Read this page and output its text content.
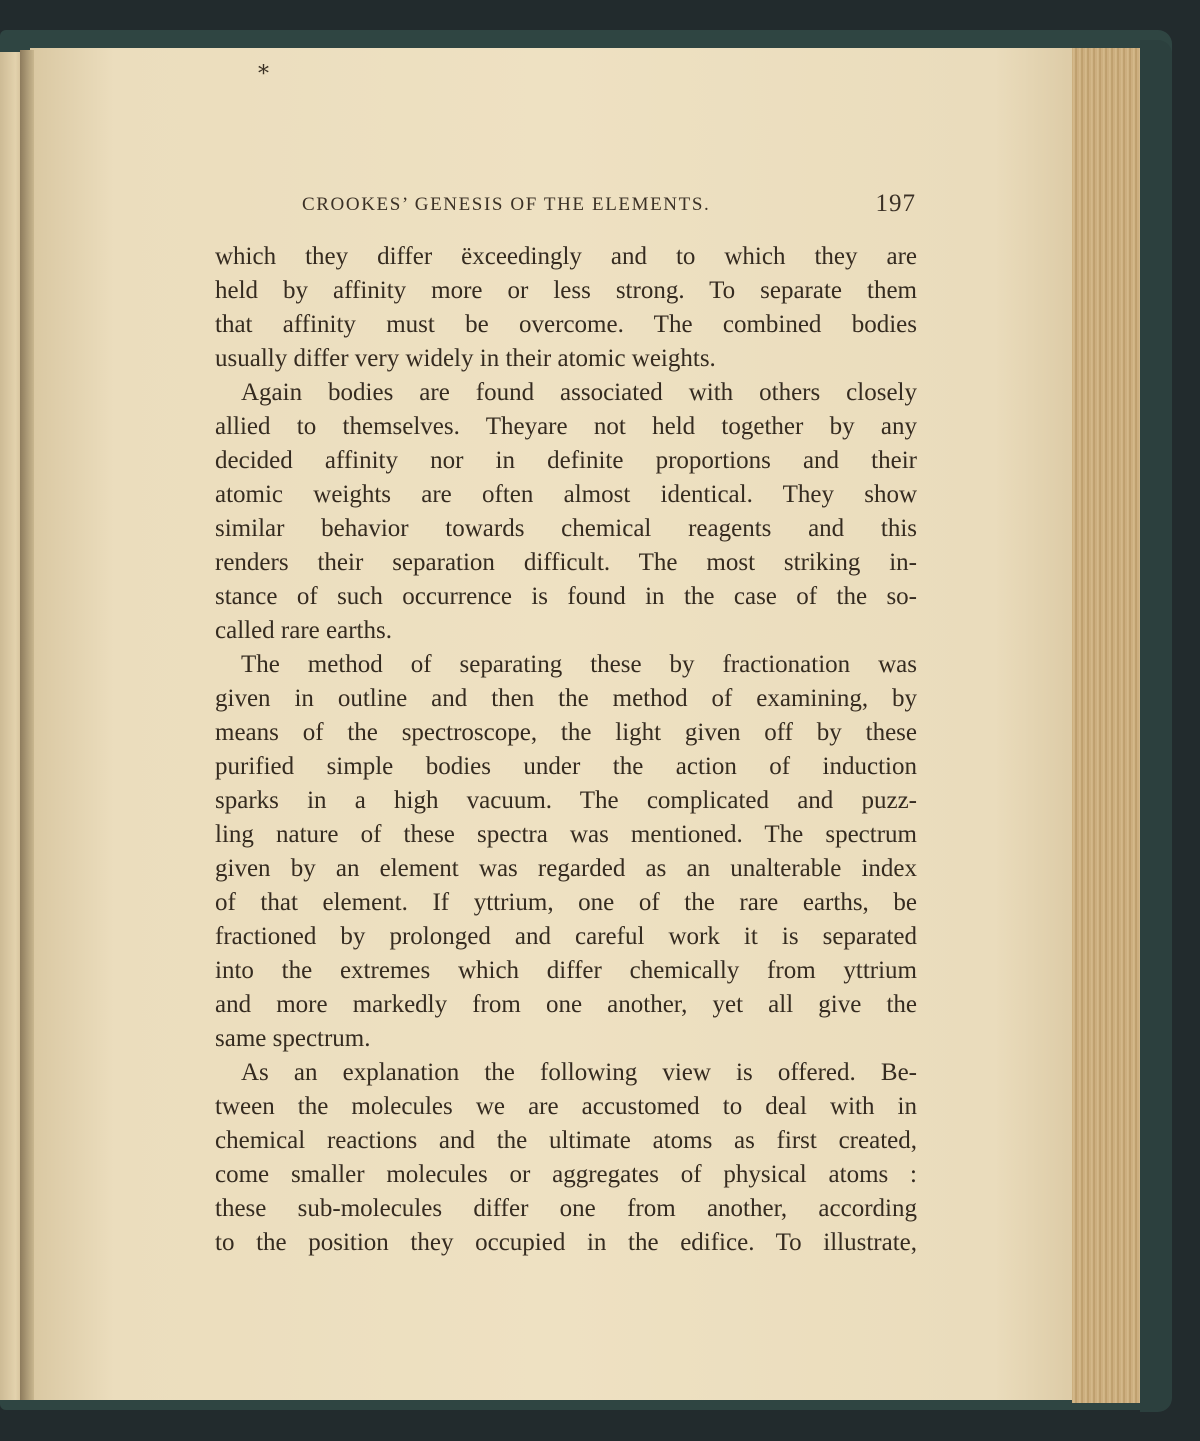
*
CROOKES’ GENESIS OF THE ELEMENTS.	197
which they differ ëxceedingly and to which they are
held by affinity more or less strong. To separate them
that affinity must be overcome. The combined bodies
usually differ very widely in their atomic weights.
Again bodies are found associated with others closely
allied to themselves. Theyare not held together by any
decided affinity nor in definite proportions and their
atomic weights are often almost identical. They show
similar behavior towards chemical reagents and this
renders their separation difficult. The most striking in-
stance of such occurrence is found in the case of the so-
called rare earths.
The method of separating these by fractionation was
given in outline and then the method of examining, by
means of the spectroscope, the light given off by these
purified simple bodies under the action of induction
sparks in a high vacuum. The complicated and puzz-
ling nature of these spectra was mentioned. The spectrum
given by an element was regarded as an unalterable index
of that element. If yttrium, one of the rare earths, be
fractioned by prolonged and careful work it is separated
into the extremes which differ chemically from yttrium
and more markedly from one another, yet all give the
same spectrum.
As an explanation the following view is offered. Be-
tween the molecules we are accustomed to deal with in
chemical reactions and the ultimate atoms as first created,
come smaller molecules or aggregates of physical atoms :
these sub-molecules differ one from another, according
to the position they occupied in the edifice. To illustrate,
